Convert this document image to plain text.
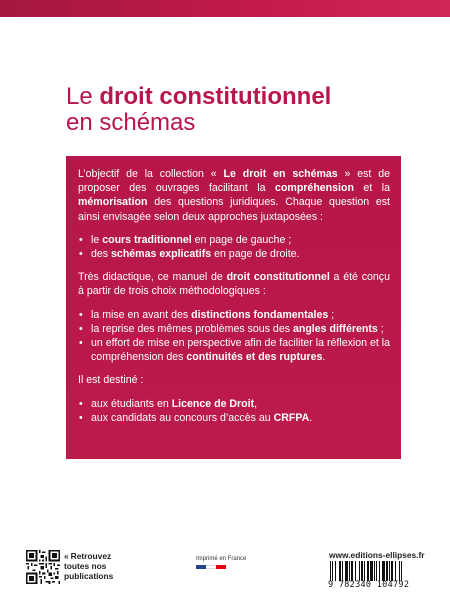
Le droit constitutionnel
en schémas

L’objectif de la collection « Le droit en schémas » est de proposer des ouvrages facilitant la compréhension et la mémorisation des questions juridiques. Chaque question est ainsi envisagée selon deux approches juxtaposées :

• le cours traditionnel en page de gauche ;
• des schémas explicatifs en page de droite.

Très didactique, ce manuel de droit constitutionnel a été conçu à partir de trois choix méthodologiques :

• la mise en avant des distinctions fondamentales ;
• la reprise des mêmes problèmes sous des angles différents ;
• un effort de mise en perspective afin de faciliter la réflexion et la compréhension des continuités et des ruptures.

Il est destiné :

• aux étudiants en Licence de Droit,
• aux candidats au concours d’accès au CRFPA.
« Retrouvez
toutes nos
publications
Imprimé en France	www.editions-ellipses.fr
9 782340 104792
